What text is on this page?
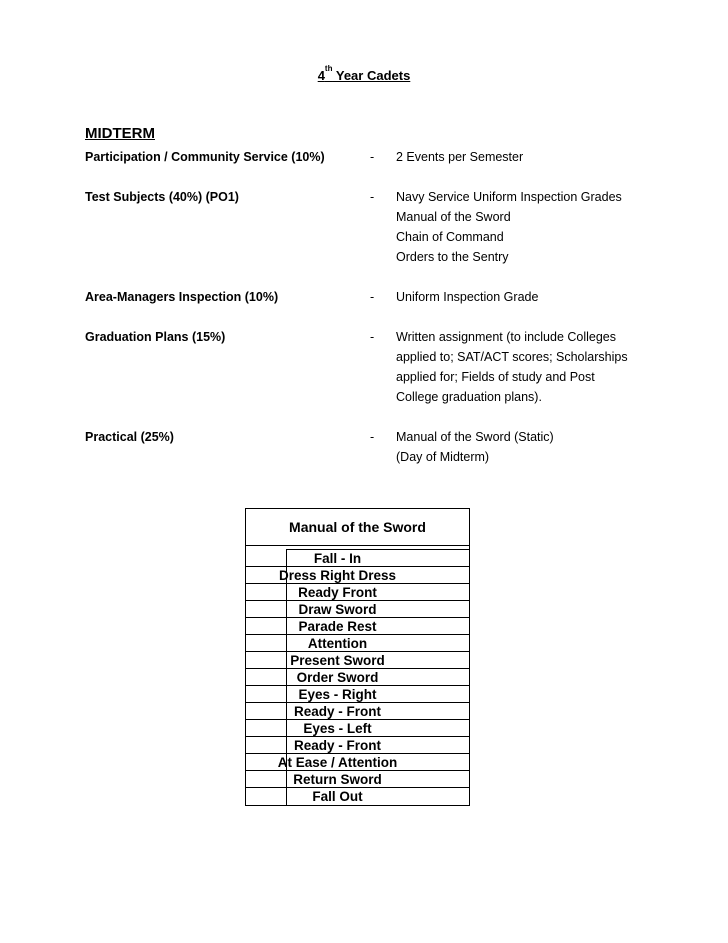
4th Year Cadets
MIDTERM
Participation / Community Service (10%)	- 2 Events per Semester
Test Subjects (40%) (PO1)	- Navy Service Uniform Inspection Grades
Manual of the Sword
Chain of Command
Orders to the Sentry
Area-Managers Inspection (10%)	- Uniform Inspection Grade
Graduation Plans (15%)	- Written assignment (to include Colleges
applied to; SAT/ACT scores; Scholarships
applied for; Fields of study and Post
College graduation plans).
Practical (25%)	- Manual of the Sword (Static)
(Day of Midterm)
Manual of the Sword
Fall - In
Dress Right Dress
Ready Front
Draw Sword
Parade Rest
Attention
Present Sword
Order Sword
Eyes - Right
Ready - Front
Eyes - Left
Ready - Front
At Ease / Attention
Return Sword
Fall Out
